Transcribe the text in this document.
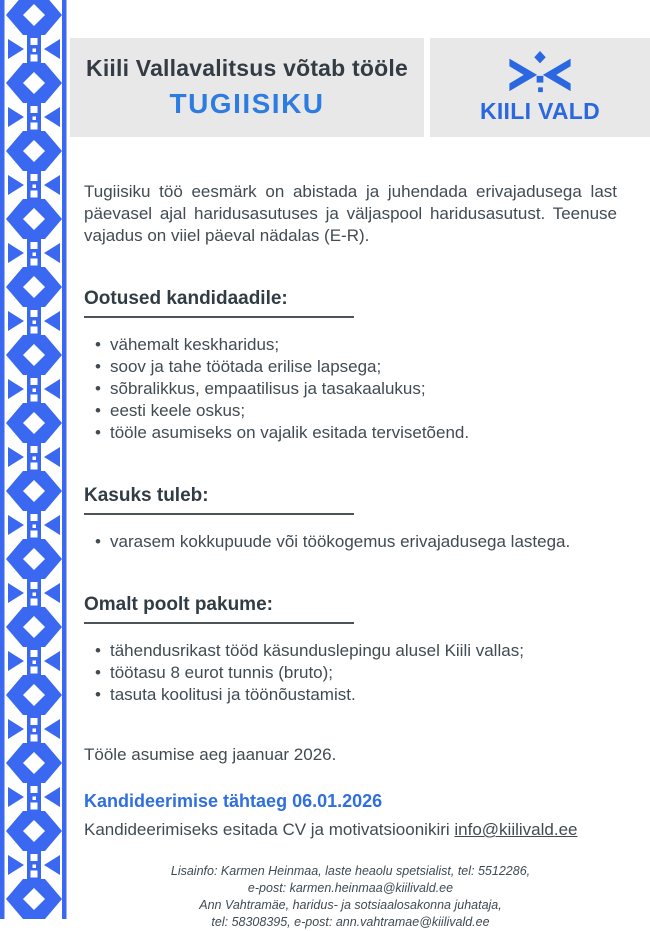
Kiili Vallavalitsus võtab tööle
TUGIISIKU	KIILI VALD

Tugiisiku töö eesmärk on abistada ja juhendada erivajadusega last päevasel ajal haridusasutuses ja väljaspool haridusasutust. Teenuse vajadus on viiel päeval nädalas (E-R).

Ootused kandidaadile:
• vähemalt keskharidus;
• soov ja tahe töötada erilise lapsega;
• sõbralikkus, empaatilisus ja tasakaalukus;
• eesti keele oskus;
• tööle asumiseks on vajalik esitada tervisetõend.
Kasuks tuleb:
• varasem kokkupuude või töökogemus erivajadusega lastega.
Omalt poolt pakume:
• tähendusrikast tööd käsunduslepingu alusel Kiili vallas;
• töötasu 8 eurot tunnis (bruto);
• tasuta koolitusi ja töönõustamist.

Tööle asumise aeg jaanuar 2026.

Kandideerimise tähtaeg 06.01.2026

Kandideerimiseks esitada CV ja motivatsioonikiri info@kiilivald.ee

Lisainfo: Karmen Heinmaa, laste heaolu spetsialist, tel: 5512286,
e-post: karmen.heinmaa@kiilivald.ee
Ann Vahtramäe, haridus- ja sotsiaalosakonna juhataja,
tel: 58308395, e-post: ann.vahtramae@kiilivald.ee
